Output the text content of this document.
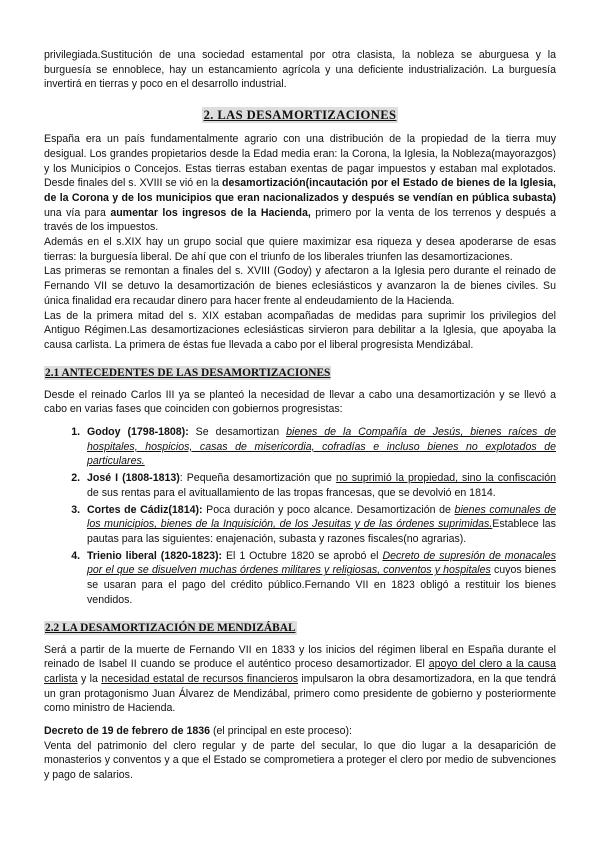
privilegiada.Sustitución de una sociedad estamental por otra clasista, la nobleza se aburguesa y la burguesía se ennoblece, hay un estancamiento agrícola y una deficiente industrialización. La burguesía invertirá en tierras y poco en el desarrollo industrial.

2. LAS DESAMORTIZACIONES

España era un país fundamentalmente agrario con una distribución de la propiedad de la tierra muy desigual. Los grandes propietarios desde la Edad media eran: la Corona, la Iglesia, la Nobleza(mayorazgos) y los Municipios o Concejos. Estas tierras estaban exentas de pagar impuestos y estaban mal explotados. Desde finales del s. XVIII se vió en la desamortización(incautación por el Estado de bienes de la Iglesia, de la Corona y de los municipios que eran nacionalizados y después se vendían en pública subasta) una vía para aumentar los ingresos de la Hacienda, primero por la venta de los terrenos y después a través de los impuestos.

Además en el s.XIX hay un grupo social que quiere maximizar esa riqueza y desea apoderarse de esas tierras: la burguesía liberal. De ahí que con el triunfo de los liberales triunfen las desamortizaciones.

Las primeras se remontan a finales del s. XVIII (Godoy) y afectaron a la Iglesia pero durante el reinado de Fernando VII se detuvo la desamortización de bienes eclesiásticos y avanzaron la de bienes civiles. Su única finalidad era recaudar dinero para hacer frente al endeudamiento de la Hacienda.

Las de la primera mitad del s. XIX estaban acompañadas de medidas para suprimir los privilegios del Antiguo Régimen.Las desamortizaciones eclesiásticas sirvieron para debilitar a la Iglesia, que apoyaba la causa carlista. La primera de éstas fue llevada a cabo por el liberal progresista Mendizábal.

2.1 ANTECEDENTES DE LAS DESAMORTIZACIONES

Desde el reinado Carlos III ya se planteó la necesidad de llevar a cabo una desamortización y se llevó a cabo en varias fases que coinciden con gobiernos progresistas:

1. Godoy (1798-1808): Se desamortizan bienes de la Compañía de Jesús, bienes raíces de hospitales, hospicios, casas de misericordia, cofradías e incluso bienes no explotados de particulares.
2. José I (1808-1813): Pequeña desamortización que no suprimió la propiedad, sino la confiscación de sus rentas para el avituallamiento de las tropas francesas, que se devolvió en 1814.
3. Cortes de Cádiz(1814): Poca duración y poco alcance. Desamortización de bienes comunales de los municipios, bienes de la Inquisición, de los Jesuitas y de las órdenes suprimidas.Establece las pautas para las siguientes: enajenación, subasta y razones fiscales(no agrarias).
4. Trienio liberal (1820-1823): El 1 Octubre 1820 se aprobó el Decreto de supresión de monacales por el que se disuelven muchas órdenes militares y religiosas, conventos y hospitales cuyos bienes se usaran para el pago del crédito público.Fernando VII en 1823 obligó a restituir los bienes vendidos.
2.2 LA DESAMORTIZACIÓN DE MENDIZÁBAL

Será a partir de la muerte de Fernando VII en 1833 y los inicios del régimen liberal en España durante el reinado de Isabel II cuando se produce el auténtico proceso desamortizador. El apoyo del clero a la causa carlista y la necesidad estatal de recursos financieros impulsaron la obra desamortizadora, en la que tendrá un gran protagonismo Juan Álvarez de Mendizábal, primero como presidente de gobierno y posteriormente como ministro de Hacienda.

Decreto de 19 de febrero de 1836 (el principal en este proceso):

Venta del patrimonio del clero regular y de parte del secular, lo que dio lugar a la desaparición de monasterios y conventos y a que el Estado se comprometiera a proteger el clero por medio de subvenciones y pago de salarios.
